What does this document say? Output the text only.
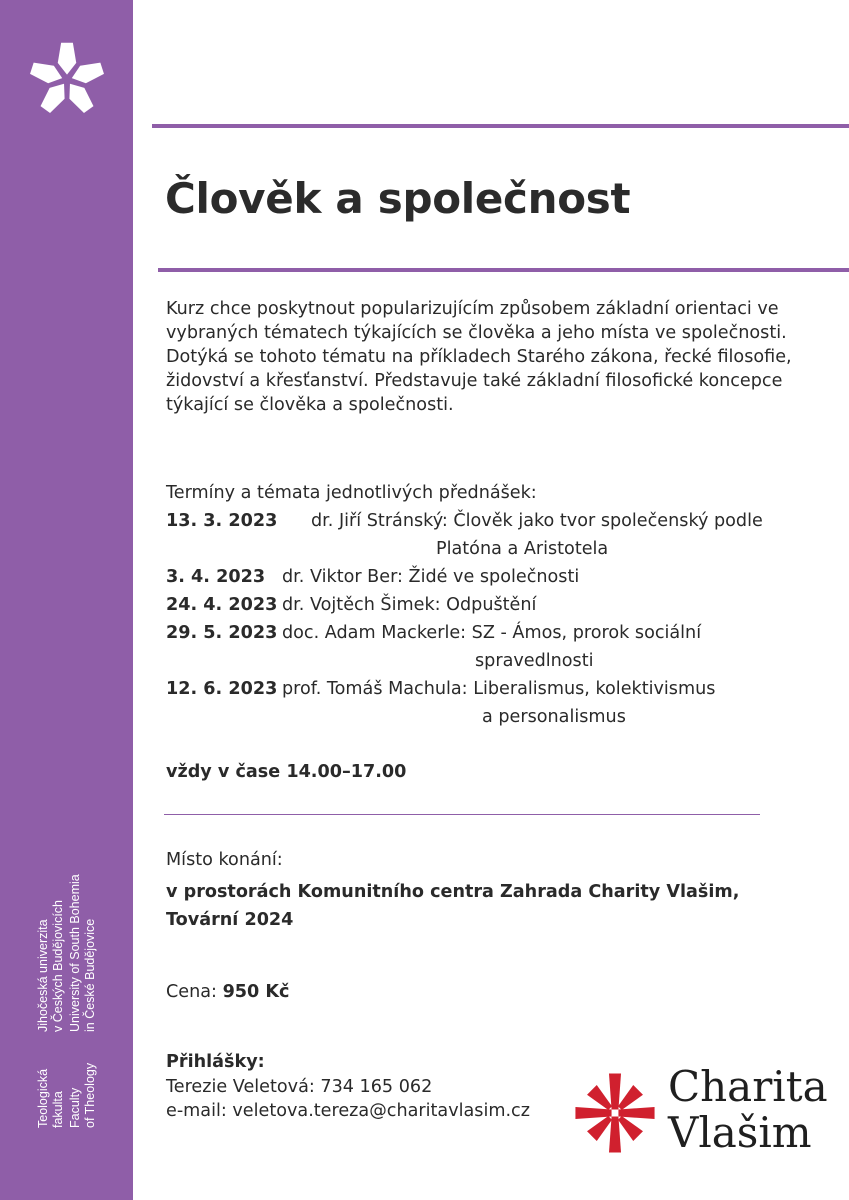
Teologická fakulta Faculty of Theology
Jihočeská univerzita v Českých Budějovicích University of South Bohemia in České Budějovice
Člověk a společnost
Kurz chce poskytnout popularizujícím způsobem základní orientaci ve
vybraných tématech týkajících se člověka a jeho místa ve společnosti.
Dotýká se tohoto tématu na příkladech Starého zákona, řecké filosofie,
židovství a křesťanství. Představuje také základní filosofické koncepce
týkající se člověka a společnosti.
Termíny a témata jednotlivých přednášek:
13. 3. 2023 dr. Jiří Stránský: Člověk jako tvor společenský podle
Platóna a Aristotela
3. 4. 2023 dr. Viktor Ber: Židé ve společnosti
24. 4. 2023 dr. Vojtěch Šimek: Odpuštění
29. 5. 2023 doc. Adam Mackerle: SZ - Ámos, prorok sociální
spravedlnosti
12. 6. 2023 prof. Tomáš Machula: Liberalismus, kolektivismus
a personalismus
vždy v čase 14.00–17.00
Místo konání:
v prostorách Komunitního centra Zahrada Charity Vlašim,
Tovární 2024
Cena: 950 Kč
Přihlášky:
Terezie Veletová: 734 165 062
e-mail: veletova.tereza@charitavlasim.cz	Charita
Vlašim
